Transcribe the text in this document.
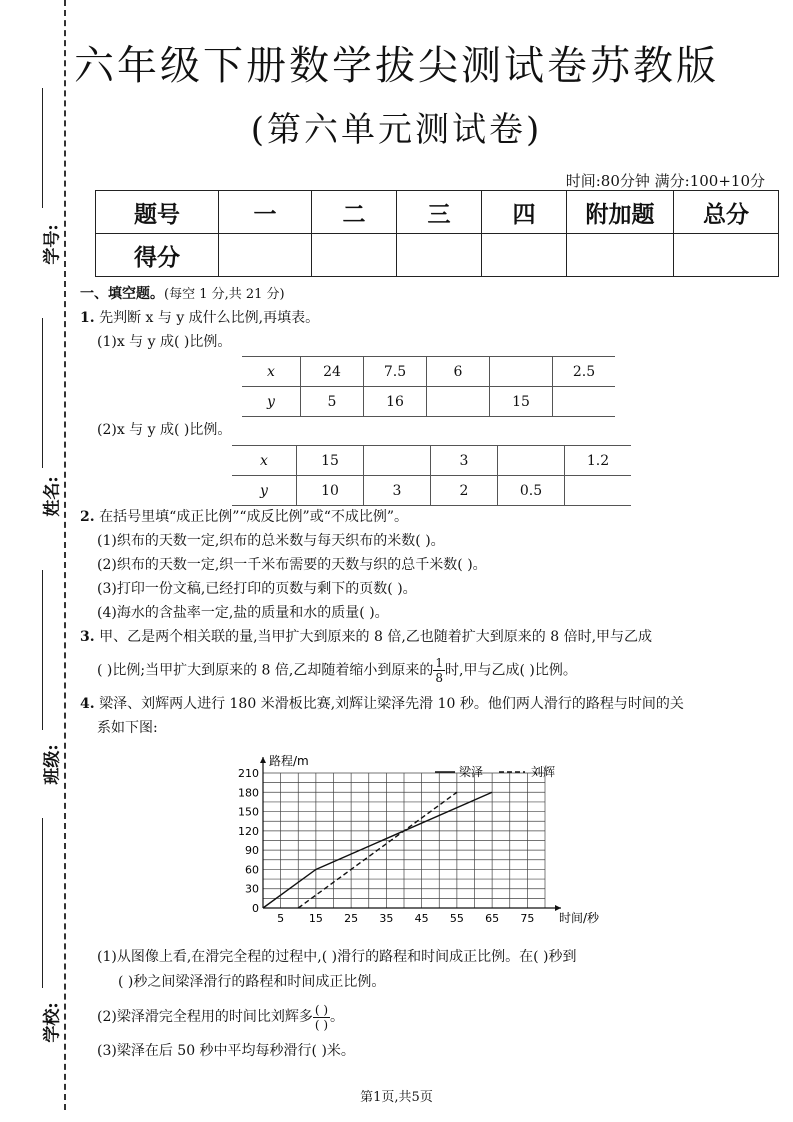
学号:
姓名:
班级:
学校:
六年级下册数学拔尖测试卷苏教版
(第六单元测试卷)
时间:80分钟 满分:100+10分
题号	一	二	三	四	附加题	总分
得分						
一、填空题。(每空 1 分,共 21 分)
1. 先判断 x 与 y 成什么比例,再填表。
(1)x 与 y 成( )比例。
x	24	7.5	6		2.5
y	5	16		15	
(2)x 与 y 成( )比例。
x	15		3		1.2
y	10	3	2	0.5	
2. 在括号里填“成正比例”“成反比例”或“不成比例”。
(1)织布的天数一定,织布的总米数与每天织布的米数( )。
(2)织布的天数一定,织一千米布需要的天数与织的总千米数( )。
(3)打印一份文稿,已经打印的页数与剩下的页数( )。
(4)海水的含盐率一定,盐的质量和水的质量( )。
3. 甲、乙是两个相关联的量,当甲扩大到原来的 8 倍,乙也随着扩大到原来的 8 倍时,甲与乙成
( )比例;当甲扩大到原来的 8 倍,乙却随着缩小到原来的 $\frac{1}{8}$ 时,甲与乙成( )比例。
4. 梁泽、刘辉两人进行 180 米滑板比赛,刘辉让梁泽先滑 10 秒。他们两人滑行的路程与时间的关
系如下图:
0
30
60
90
120
150
180
210
5 15 25 35 45 55 65 75
路程/m
时间/秒
梁泽	刘辉
(1)从图像上看,在滑完全程的过程中,( )滑行的路程和时间成正比例。在( )秒到
( )秒之间梁泽滑行的路程和时间成正比例。
(2)梁泽滑完全程用的时间比刘辉多 $\frac{( )}{( )}$ 。
(3)梁泽在后 50 秒中平均每秒滑行( )米。
第1页,共5页
